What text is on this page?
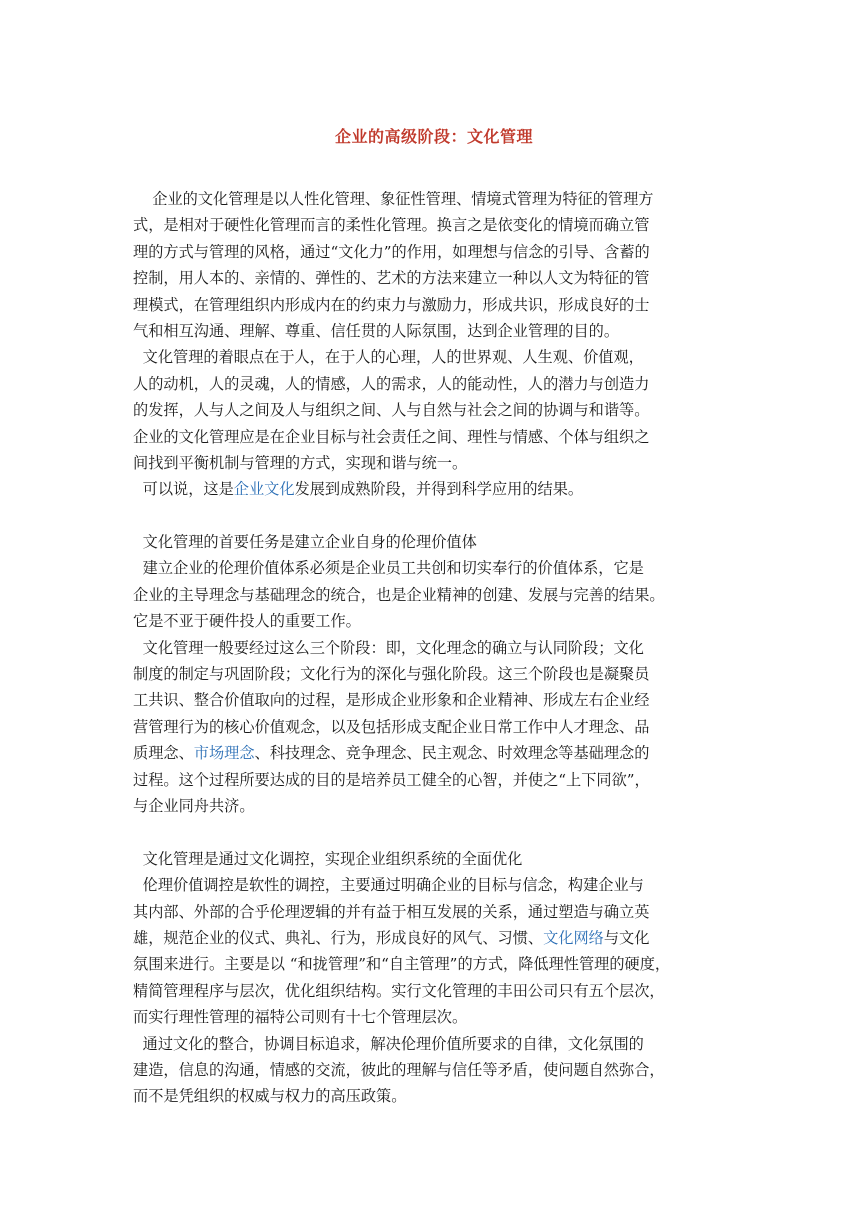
企业的高级阶段：文化管理
企业的文化管理是以人性化管理、象征性管理、情境式管理为特征的管理方
式，是相对于硬性化管理而言的柔性化管理。换言之是依变化的情境而确立管
理的方式与管理的风格，通过“文化力”的作用，如理想与信念的引导、含蓄的
控制，用人本的、亲情的、弹性的、艺术的方法来建立一种以人文为特征的管
理模式，在管理组织内形成内在的约束力与激励力，形成共识，形成良好的士
气和相互沟通、理解、尊重、信任贯的人际氛围，达到企业管理的目的。
文化管理的着眼点在于人，在于人的心理，人的世界观、人生观、价值观，
人的动机，人的灵魂，人的情感，人的需求，人的能动性，人的潜力与创造力
的发挥，人与人之间及人与组织之间、人与自然与社会之间的协调与和谐等。
企业的文化管理应是在企业目标与社会责任之间、理性与情感、个体与组织之
间找到平衡机制与管理的方式，实现和谐与统一。
可以说，这是企业文化发展到成熟阶段，并得到科学应用的结果。
文化管理的首要任务是建立企业自身的伦理价值体
建立企业的伦理价值体系必须是企业员工共创和切实奉行的价值体系，它是
企业的主导理念与基础理念的统合，也是企业精神的创建、发展与完善的结果。
它是不亚于硬件投人的重要工作。
文化管理一般要经过这么三个阶段：即，文化理念的确立与认同阶段；文化
制度的制定与巩固阶段；文化行为的深化与强化阶段。这三个阶段也是凝聚员
工共识、整合价值取向的过程，是形成企业形象和企业精神、形成左右企业经
营管理行为的核心价值观念，以及包括形成支配企业日常工作中人才理念、品
质理念、市场理念、科技理念、竞争理念、民主观念、时效理念等基础理念的
过程。这个过程所要达成的目的是培养员工健全的心智，并使之“上下同欲”，
与企业同舟共济。
文化管理是通过文化调控，实现企业组织系统的全面优化
伦理价值调控是软性的调控，主要通过明确企业的目标与信念，构建企业与
其内部、外部的合乎伦理逻辑的并有益于相互发展的关系，通过塑造与确立英
雄，规范企业的仪式、典礼、行为，形成良好的风气、习惯、文化网络与文化
氛围来进行。主要是以 “和拢管理”和“自主管理”的方式，降低理性管理的硬度，
精简管理程序与层次，优化组织结构。实行文化管理的丰田公司只有五个层次，
而实行理性管理的福特公司则有十七个管理层次。
通过文化的整合，协调目标追求，解决伦理价值所要求的自律，文化氛围的
建造，信息的沟通，情感的交流，彼此的理解与信任等矛盾，使问题自然弥合，
而不是凭组织的权威与权力的高压政策。
